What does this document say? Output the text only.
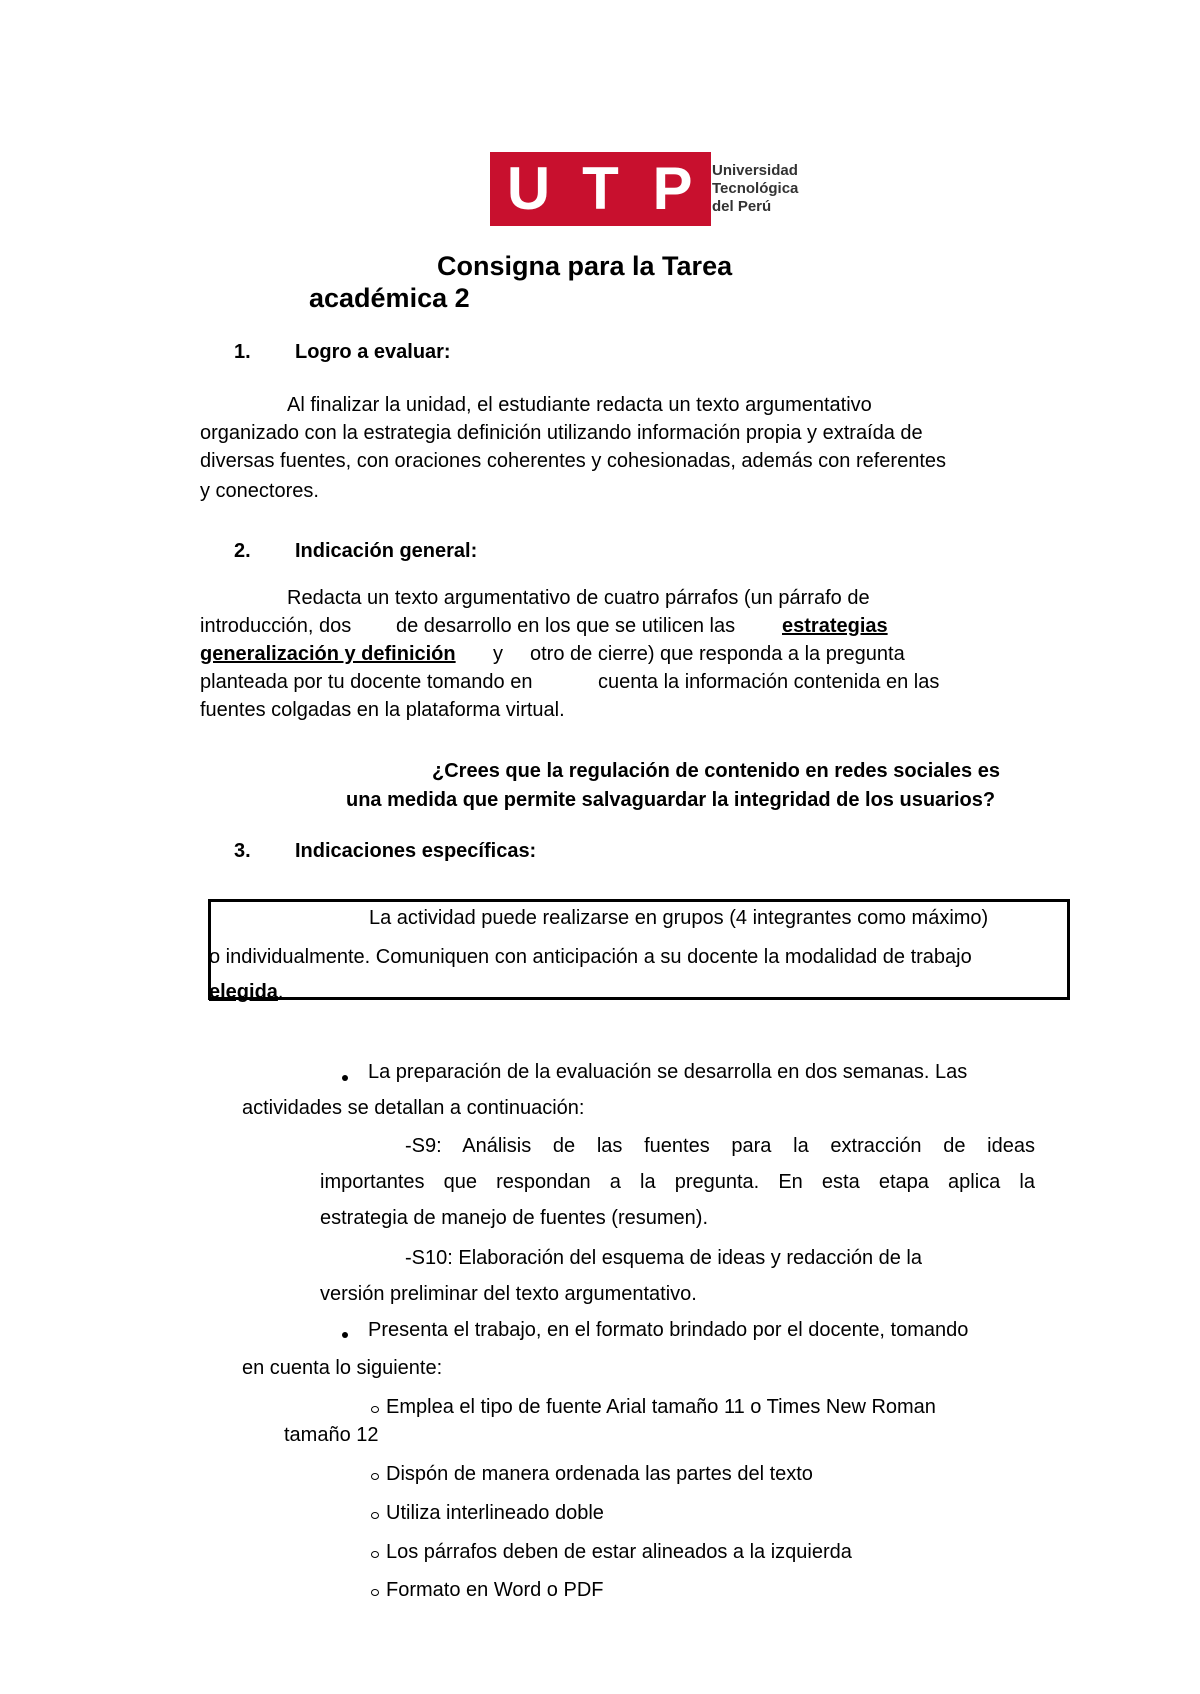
U T P	Universidad
Tecnológica
del Perú
Consigna para la Tarea
académica 2
1. Logro a evaluar:
Al finalizar la unidad, el estudiante redacta un texto argumentativo
organizado con la estrategia definición utilizando información propia y extraída de
diversas fuentes, con oraciones coherentes y cohesionadas, además con referentes
y conectores.
2. Indicación general:
Redacta un texto argumentativo de cuatro párrafos (un párrafo de
introducción, dos de desarrollo en los que se utilicen las estrategias
generalización y definición y otro de cierre) que responda a la pregunta
planteada por tu docente tomando en	cuenta la información contenida en las
fuentes colgadas en la plataforma virtual.
¿Crees que la regulación de contenido en redes sociales es
una medida que permite salvaguardar la integridad de los usuarios?
3. Indicaciones específicas:
La actividad puede realizarse en grupos (4 integrantes como máximo)
o individualmente. Comuniquen con anticipación a su docente la modalidad de trabajo
elegida.
La preparación de la evaluación se desarrolla en dos semanas. Las
actividades se detallan a continuación:
-S9: Análisis de las fuentes para la extracción de ideas
importantes que respondan a la pregunta. En esta etapa aplica la
estrategia de manejo de fuentes (resumen).
-S10: Elaboración del esquema de ideas y redacción de la
versión preliminar del texto argumentativo.
Presenta el trabajo, en el formato brindado por el docente, tomando
en cuenta lo siguiente:
Emplea el tipo de fuente Arial tamaño 11 o Times New Roman
tamaño 12
Dispón de manera ordenada las partes del texto
Utiliza interlineado doble
Los párrafos deben de estar alineados a la izquierda
Formato en Word o PDF
